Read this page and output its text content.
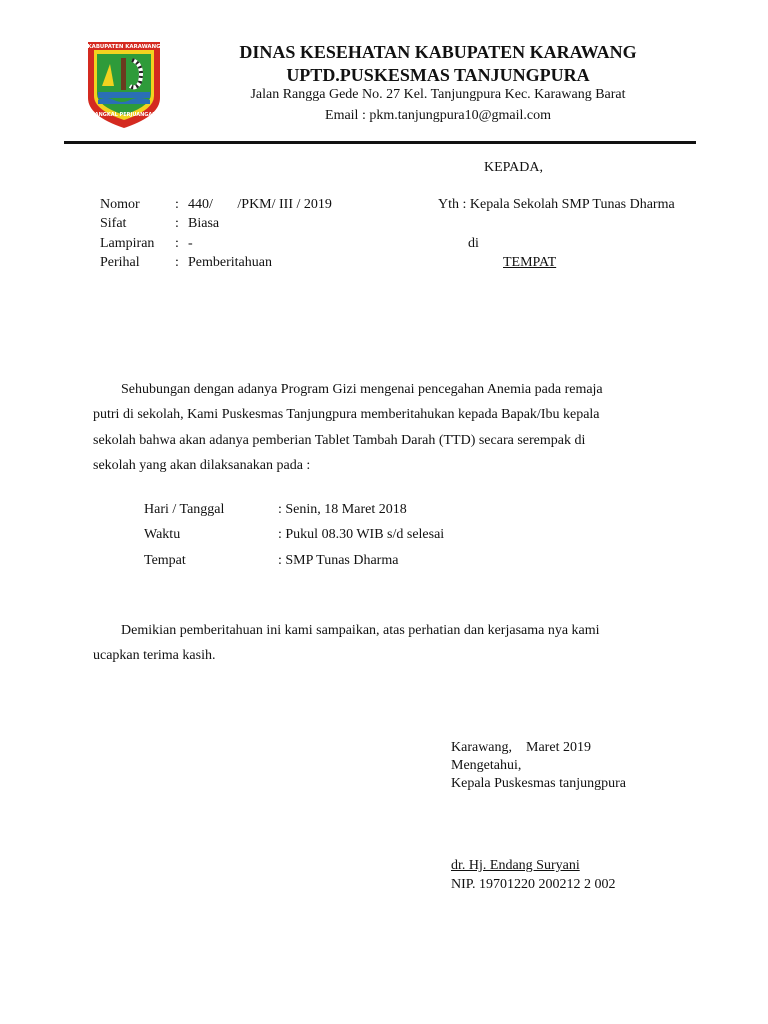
KABUPATEN KARAWANG
PANGKAL PERJUANGAN
DINAS KESEHATAN KABUPATEN KARAWANG
UPTD.PUSKESMAS TANJUNGPURA
Jalan Rangga Gede No. 27 Kel. Tanjungpura Kec. Karawang Barat
Email : pkm.tanjungpura10@gmail.com
KEPADA,
Yth : Kepala Sekolah SMP Tunas Dharma
di
TEMPAT
Nomor	: 440/       /PKM/ III / 2019
Sifat	: Biasa
Lampiran : -
Perihal	: Pemberitahuan
Sehubungan dengan adanya Program Gizi mengenai pencegahan Anemia pada remaja
putri di sekolah, Kami Puskesmas Tanjungpura memberitahukan kepada Bapak/Ibu kepala
sekolah bahwa akan adanya pemberian Tablet Tambah Darah (TTD) secara serempak di
sekolah yang akan dilaksanakan pada :
Hari / Tanggal	: Senin, 18 Maret 2018
Waktu	: Pukul 08.30 WIB s/d selesai
Tempat	: SMP Tunas Dharma
Demikian pemberitahuan ini kami sampaikan, atas perhatian dan kerjasama nya kami
ucapkan terima kasih.
Karawang,    Maret 2019
Mengetahui,
Kepala Puskesmas tanjungpura
dr. Hj. Endang Suryani
NIP. 19701220 200212 2 002
